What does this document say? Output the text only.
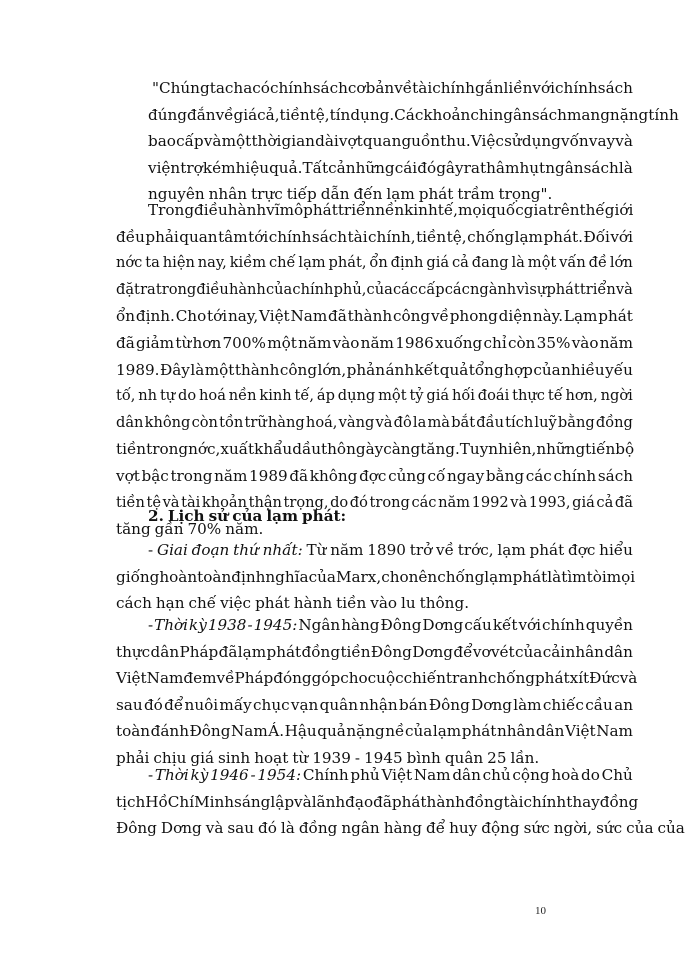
"Chúng ta cha có chính sách cơ bản về tài chính gắn liền với chính sách
đúng đắn về giá cả, tiền tệ, tín dụng. Các khoản chi ngân sách mang nặng tính
bao cấp và một thời gian dài vợt qua nguồn thu. Việc sử dụng vốn vay và
viện trợ kém hiệu quả. Tất cả những cái đó gây ra thâm hụt ngân sách là
nguyên nhân trực tiếp dẫn đến lạm phát trầm trọng".
Trong điều hành vĩ mô phát triển nền kinh tế, mọi quốc gia trên thế giới
đều phải quan tâm tới chính sách tài chính, tiền tệ, chống lạm phát. Đối với
nớc ta hiện nay, kiềm chế lạm phát, ổn định giá cả đang là một vấn đề lớn
đặt ra trong điều hành của chính phủ, của các cấp các ngành vì sự phát triển và
ổn định. Cho tới nay, Việt Nam đã thành công về phong diện này. Lạm phát
đã giảm từ hơn 700% một năm vào năm 1986 xuống chỉ còn 35% vào năm
1989. Đây là một thành công lớn, phản ánh kết quả tổng hợp của nhiều yếu
tố, nh tự do hoá nền kinh tế, áp dụng một tỷ giá hối đoái thực tế hơn, ngời
dân không còn tồn trữ hàng hoá, vàng và đô la mà bắt đầu tích luỹ bằng đồng
tiền trong nớc, xuất khẩu dầu thô ngày càng tăng. Tuy nhiên, những tiến bộ
vợt bậc trong năm 1989 đã không đợc củng cố ngay bằng các chính sách
tiền tệ và tài khoản thận trọng, do đó trong các năm 1992 và 1993, giá cả đã
tăng gần 70% năm.
2. Lịch sử của lạm phát:
- Giai đoạn thứ nhất: Từ năm 1890 trở về trớc, lạm phát đợc hiểu
giống hoàn toàn định nghĩa của Marx, cho nên chống lạm phát là tìm tòi mọi
cách hạn chế việc phát hành tiền vào lu thông.
- Thời kỳ 1938 - 1945: Ngân hàng Đông Dơng cấu kết với chính quyền
thực dân Pháp đã lạm phát đồng tiền Đông Dơng để vơ vét của cải nhân dân
Việt Nam đem về Pháp đóng góp cho cuộc chiến tranh chống phát xít Đức và
sau đó để nuôi mấy chục vạn quân nhận bán Đông Dơng làm chiếc cầu an
toàn đánh Đông Nam Á. Hậu quả nặng nề của lạm phát nhân dân Việt Nam
phải chịu giá sinh hoạt từ 1939 - 1945 bình quân 25 lần.
- Thời kỳ 1946 - 1954: Chính phủ Việt Nam dân chủ cộng hoà do Chủ
tịch Hồ Chí Minh sáng lập và lãnh đạo đã phát hành đồng tài chính thay đồng
Đông Dơng và sau đó là đồng ngân hàng để huy động sức ngời, sức của của
10
